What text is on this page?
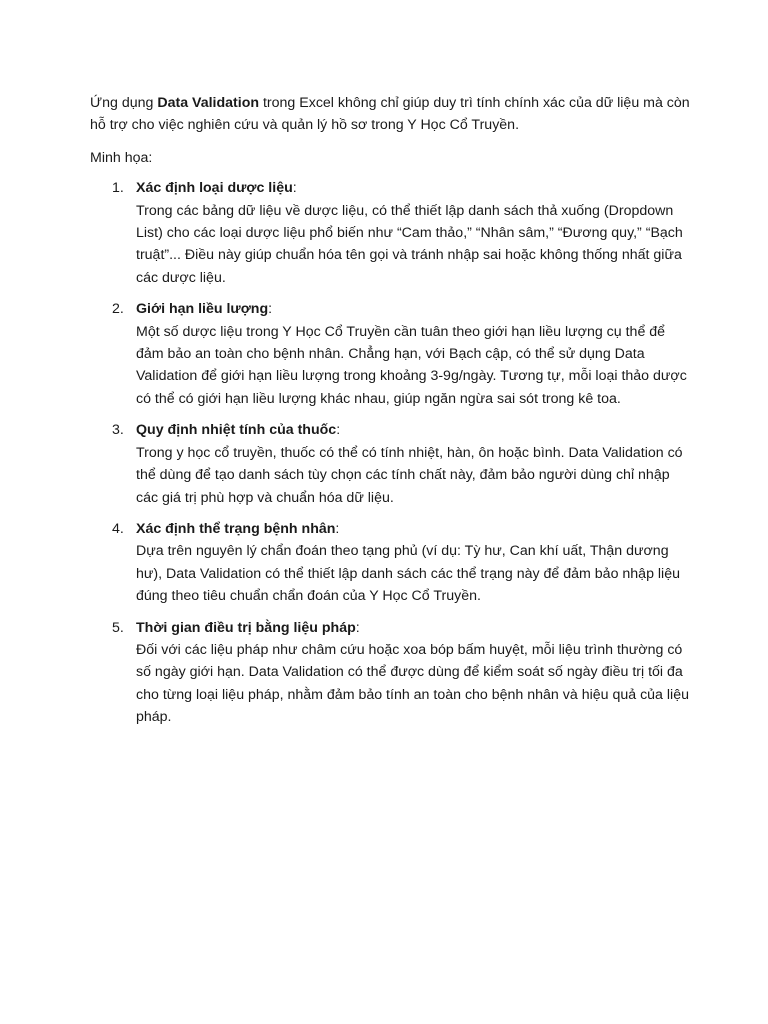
Ứng dụng Data Validation trong Excel không chỉ giúp duy trì tính chính xác của dữ liệu mà còn hỗ trợ cho việc nghiên cứu và quản lý hồ sơ trong Y Học Cổ Truyền.

Minh họa:

1. Xác định loại dược liệu:
Trong các bảng dữ liệu về dược liệu, có thể thiết lập danh sách thả xuống (Dropdown List) cho các loại dược liệu phổ biến như “Cam thảo,” “Nhân sâm,” “Đương quy,” “Bạch truật”... Điều này giúp chuẩn hóa tên gọi và tránh nhập sai hoặc không thống nhất giữa các dược liệu.
2. Giới hạn liều lượng:
Một số dược liệu trong Y Học Cổ Truyền cần tuân theo giới hạn liều lượng cụ thể để đảm bảo an toàn cho bệnh nhân. Chẳng hạn, với Bạch cập, có thể sử dụng Data Validation để giới hạn liều lượng trong khoảng 3-9g/ngày. Tương tự, mỗi loại thảo dược có thể có giới hạn liều lượng khác nhau, giúp ngăn ngừa sai sót trong kê toa.
3. Quy định nhiệt tính của thuốc:
Trong y học cổ truyền, thuốc có thể có tính nhiệt, hàn, ôn hoặc bình. Data Validation có thể dùng để tạo danh sách tùy chọn các tính chất này, đảm bảo người dùng chỉ nhập các giá trị phù hợp và chuẩn hóa dữ liệu.
4. Xác định thể trạng bệnh nhân:
Dựa trên nguyên lý chẩn đoán theo tạng phủ (ví dụ: Tỳ hư, Can khí uất, Thận dương hư), Data Validation có thể thiết lập danh sách các thể trạng này để đảm bảo nhập liệu đúng theo tiêu chuẩn chẩn đoán của Y Học Cổ Truyền.
5. Thời gian điều trị bằng liệu pháp:
Đối với các liệu pháp như châm cứu hoặc xoa bóp bấm huyệt, mỗi liệu trình thường có số ngày giới hạn. Data Validation có thể được dùng để kiểm soát số ngày điều trị tối đa cho từng loại liệu pháp, nhằm đảm bảo tính an toàn cho bệnh nhân và hiệu quả của liệu pháp.
